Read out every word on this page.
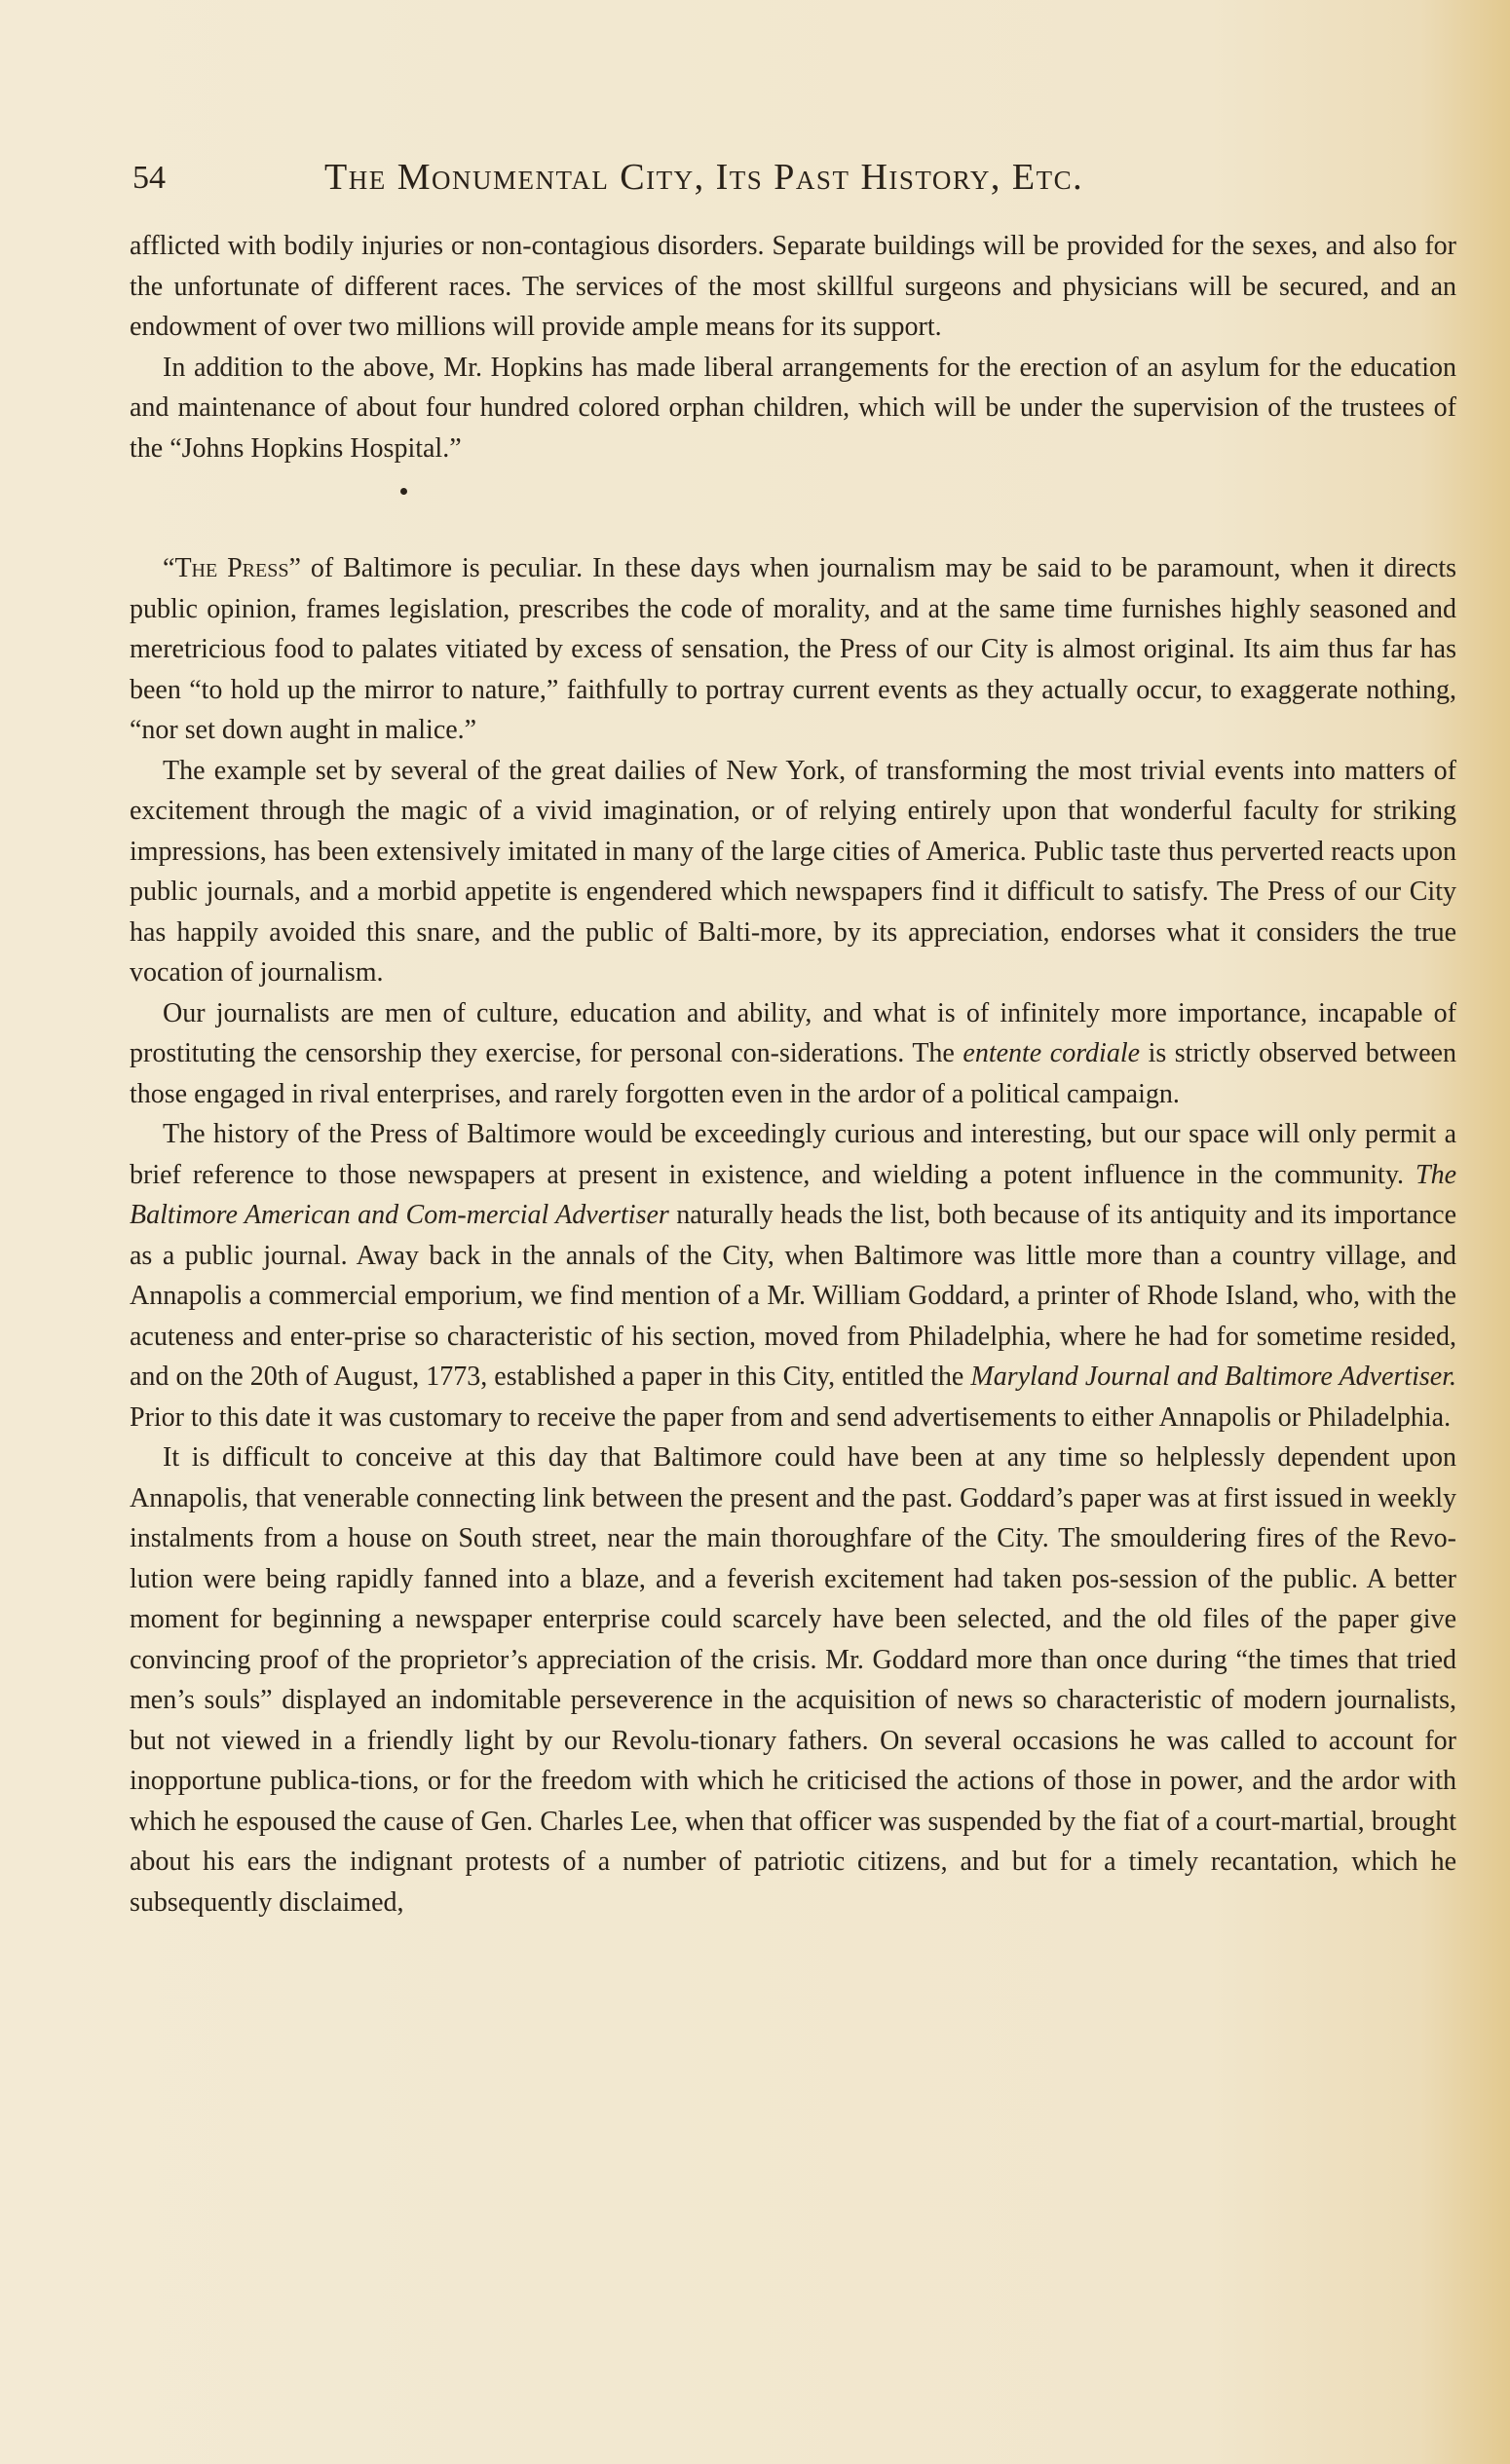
54	The Monumental City, Its Past History, Etc.

afflicted with bodily injuries or non-contagious disorders. Separate buildings will be provided for the sexes, and also for the unfortunate of different races. The services of the most skillful surgeons and physicians will be secured, and an endowment of over two millions will provide ample means for its support.

In addition to the above, Mr. Hopkins has made liberal arrangements for the erection of an asylum for the education and maintenance of about four hundred colored orphan children, which will be under the supervision of the trustees of the “Johns Hopkins Hospital.”

“The Press” of Baltimore is peculiar. In these days when journalism may be said to be paramount, when it directs public opinion, frames legislation, prescribes the code of morality, and at the same time furnishes highly seasoned and meretricious food to palates vitiated by excess of sensation, the Press of our City is almost original. Its aim thus far has been “to hold up the mirror to nature,” faithfully to portray current events as they actually occur, to exaggerate nothing, “nor set down aught in malice.”

The example set by several of the great dailies of New York, of transforming the most trivial events into matters of excitement through the magic of a vivid imagination, or of relying entirely upon that wonderful faculty for striking impressions, has been extensively imitated in many of the large cities of America. Public taste thus perverted reacts upon public journals, and a morbid appetite is engendered which newspapers find it difficult to satisfy. The Press of our City has happily avoided this snare, and the public of Balti-more, by its appreciation, endorses what it considers the true vocation of journalism.

Our journalists are men of culture, education and ability, and what is of infinitely more importance, incapable of prostituting the censorship they exercise, for personal con-siderations. The entente cordiale is strictly observed between those engaged in rival enterprises, and rarely forgotten even in the ardor of a political campaign.

The history of the Press of Baltimore would be exceedingly curious and interesting, but our space will only permit a brief reference to those newspapers at present in existence, and wielding a potent influence in the community. The Baltimore American and Com-mercial Advertiser naturally heads the list, both because of its antiquity and its importance as a public journal. Away back in the annals of the City, when Baltimore was little more than a country village, and Annapolis a commercial emporium, we find mention of a Mr. William Goddard, a printer of Rhode Island, who, with the acuteness and enter-prise so characteristic of his section, moved from Philadelphia, where he had for sometime resided, and on the 20th of August, 1773, established a paper in this City, entitled the Maryland Journal and Baltimore Advertiser. Prior to this date it was customary to receive the paper from and send advertisements to either Annapolis or Philadelphia.

It is difficult to conceive at this day that Baltimore could have been at any time so helplessly dependent upon Annapolis, that venerable connecting link between the present and the past. Goddard’s paper was at first issued in weekly instalments from a house on South street, near the main thoroughfare of the City. The smouldering fires of the Revo-lution were being rapidly fanned into a blaze, and a feverish excitement had taken pos-session of the public. A better moment for beginning a newspaper enterprise could scarcely have been selected, and the old files of the paper give convincing proof of the proprietor’s appreciation of the crisis. Mr. Goddard more than once during “the times that tried men’s souls” displayed an indomitable perseverence in the acquisition of news so characteristic of modern journalists, but not viewed in a friendly light by our Revolu-tionary fathers. On several occasions he was called to account for inopportune publica-tions, or for the freedom with which he criticised the actions of those in power, and the ardor with which he espoused the cause of Gen. Charles Lee, when that officer was suspended by the fiat of a court-martial, brought about his ears the indignant protests of a number of patriotic citizens, and but for a timely recantation, which he subsequently disclaimed,
